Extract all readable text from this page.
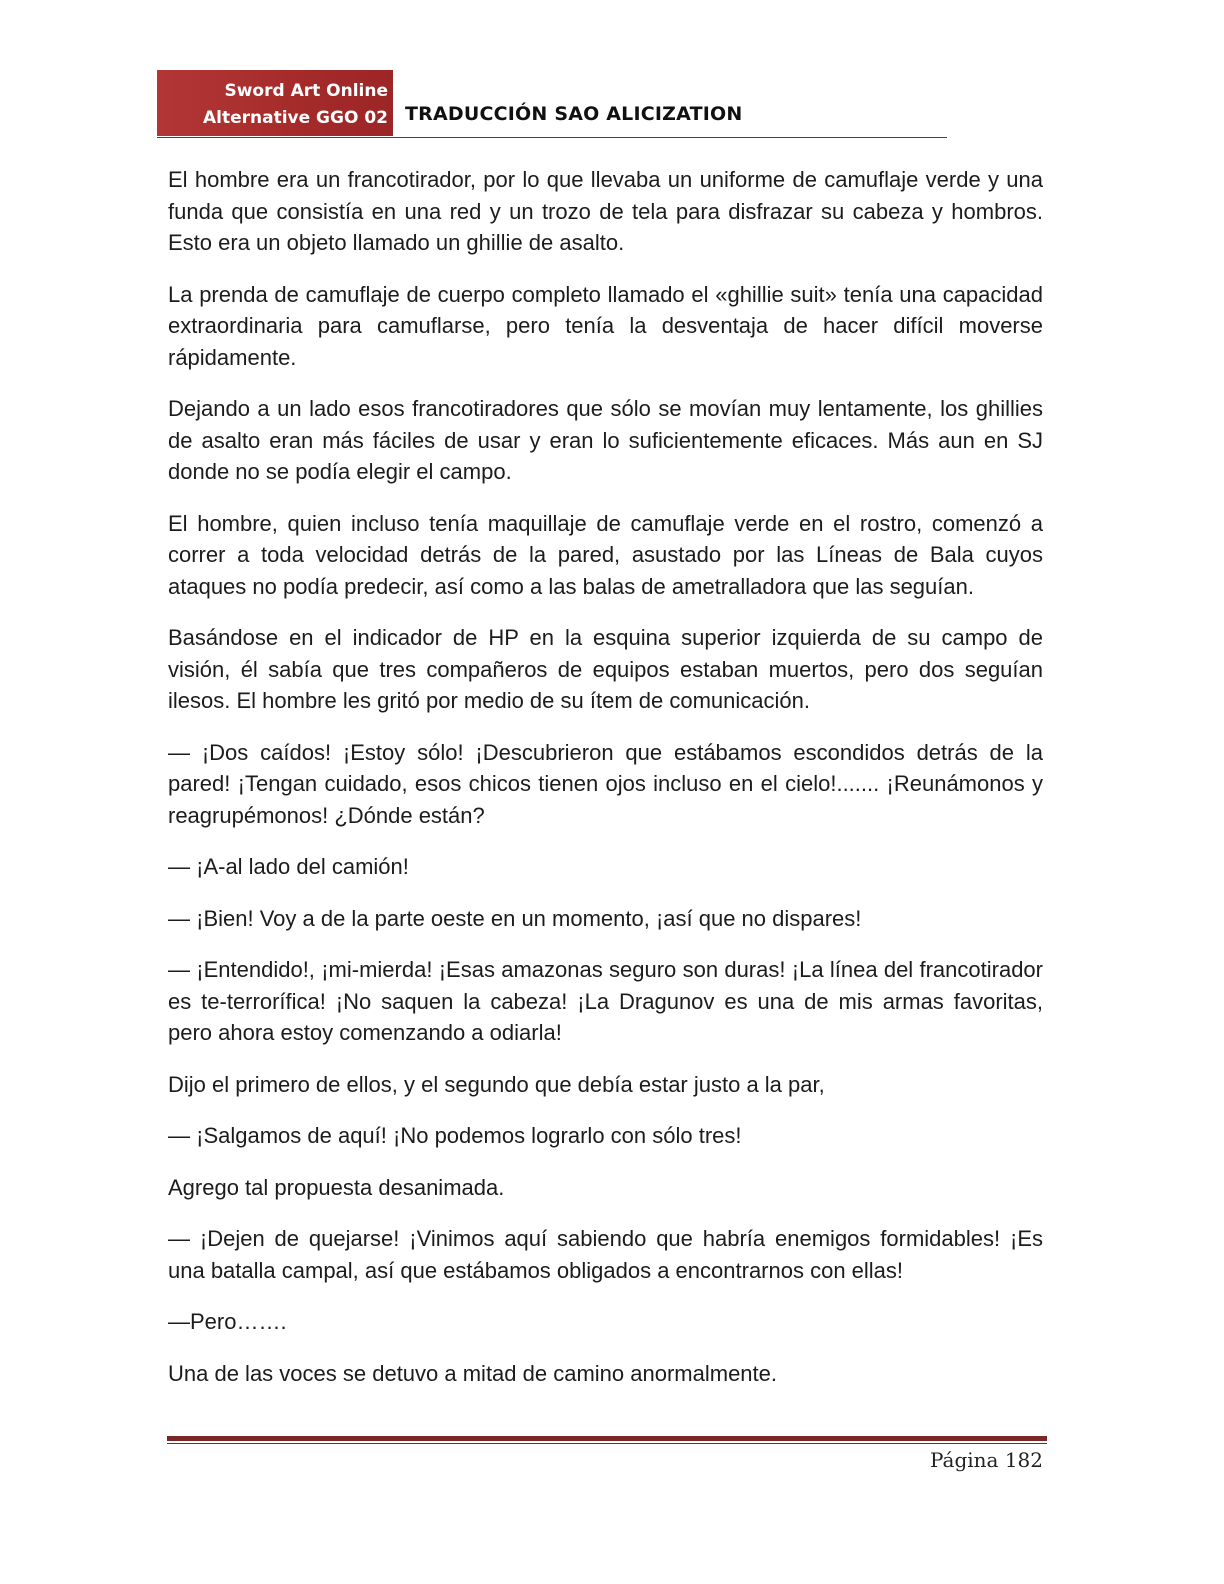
Sword Art Online
Alternative GGO 02 TRADUCCIÓN SAO ALICIZATION

El hombre era un francotirador, por lo que llevaba un uniforme de camuflaje verde y una funda que consistía en una red y un trozo de tela para disfrazar su cabeza y hombros. Esto era un objeto llamado un ghillie de asalto.

La prenda de camuflaje de cuerpo completo llamado el «ghillie suit» tenía una capacidad extraordinaria para camuflarse, pero tenía la desventaja de hacer difícil moverse rápidamente.

Dejando a un lado esos francotiradores que sólo se movían muy lentamente, los ghillies de asalto eran más fáciles de usar y eran lo suficientemente eficaces. Más aun en SJ donde no se podía elegir el campo.

El hombre, quien incluso tenía maquillaje de camuflaje verde en el rostro, comenzó a correr a toda velocidad detrás de la pared, asustado por las Líneas de Bala cuyos ataques no podía predecir, así como a las balas de ametralladora que las seguían.

Basándose en el indicador de HP en la esquina superior izquierda de su campo de visión, él sabía que tres compañeros de equipos estaban muertos, pero dos seguían ilesos. El hombre les gritó por medio de su ítem de comunicación.

— ¡Dos caídos! ¡Estoy sólo! ¡Descubrieron que estábamos escondidos detrás de la pared! ¡Tengan cuidado, esos chicos tienen ojos incluso en el cielo!....... ¡Reunámonos y reagrupémonos! ¿Dónde están?

— ¡A-al lado del camión!

— ¡Bien! Voy a de la parte oeste en un momento, ¡así que no dispares!

— ¡Entendido!, ¡mi-mierda! ¡Esas amazonas seguro son duras! ¡La línea del francotirador es te-terrorífica! ¡No saquen la cabeza! ¡La Dragunov es una de mis armas favoritas, pero ahora estoy comenzando a odiarla!

Dijo el primero de ellos, y el segundo que debía estar justo a la par,

— ¡Salgamos de aquí! ¡No podemos lograrlo con sólo tres!

Agrego tal propuesta desanimada.

— ¡Dejen de quejarse! ¡Vinimos aquí sabiendo que habría enemigos formidables! ¡Es una batalla campal, así que estábamos obligados a encontrarnos con ellas!

—Pero…….

Una de las voces se detuvo a mitad de camino anormalmente.

Página 182
